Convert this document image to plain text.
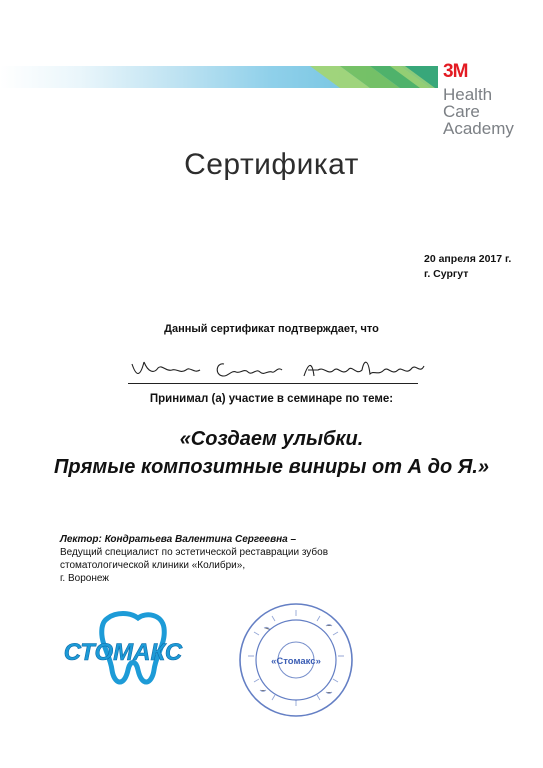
3M
Health
Care
Academy
Сертификат
20 апреля 2017 г.
г. Сургут
Данный сертификат подтверждает, что
Принимал (а) участие в семинаре по теме:
«Создаем улыбки.
Прямые композитные виниры от А до Я.»
Лектор: Кондратьева Валентина Сергеевна –
Ведущий специалист по эстетической реставрации зубов
стоматологической клиники «Колибри»,
г. Воронеж
СТОМАКС	«Стомакс»
